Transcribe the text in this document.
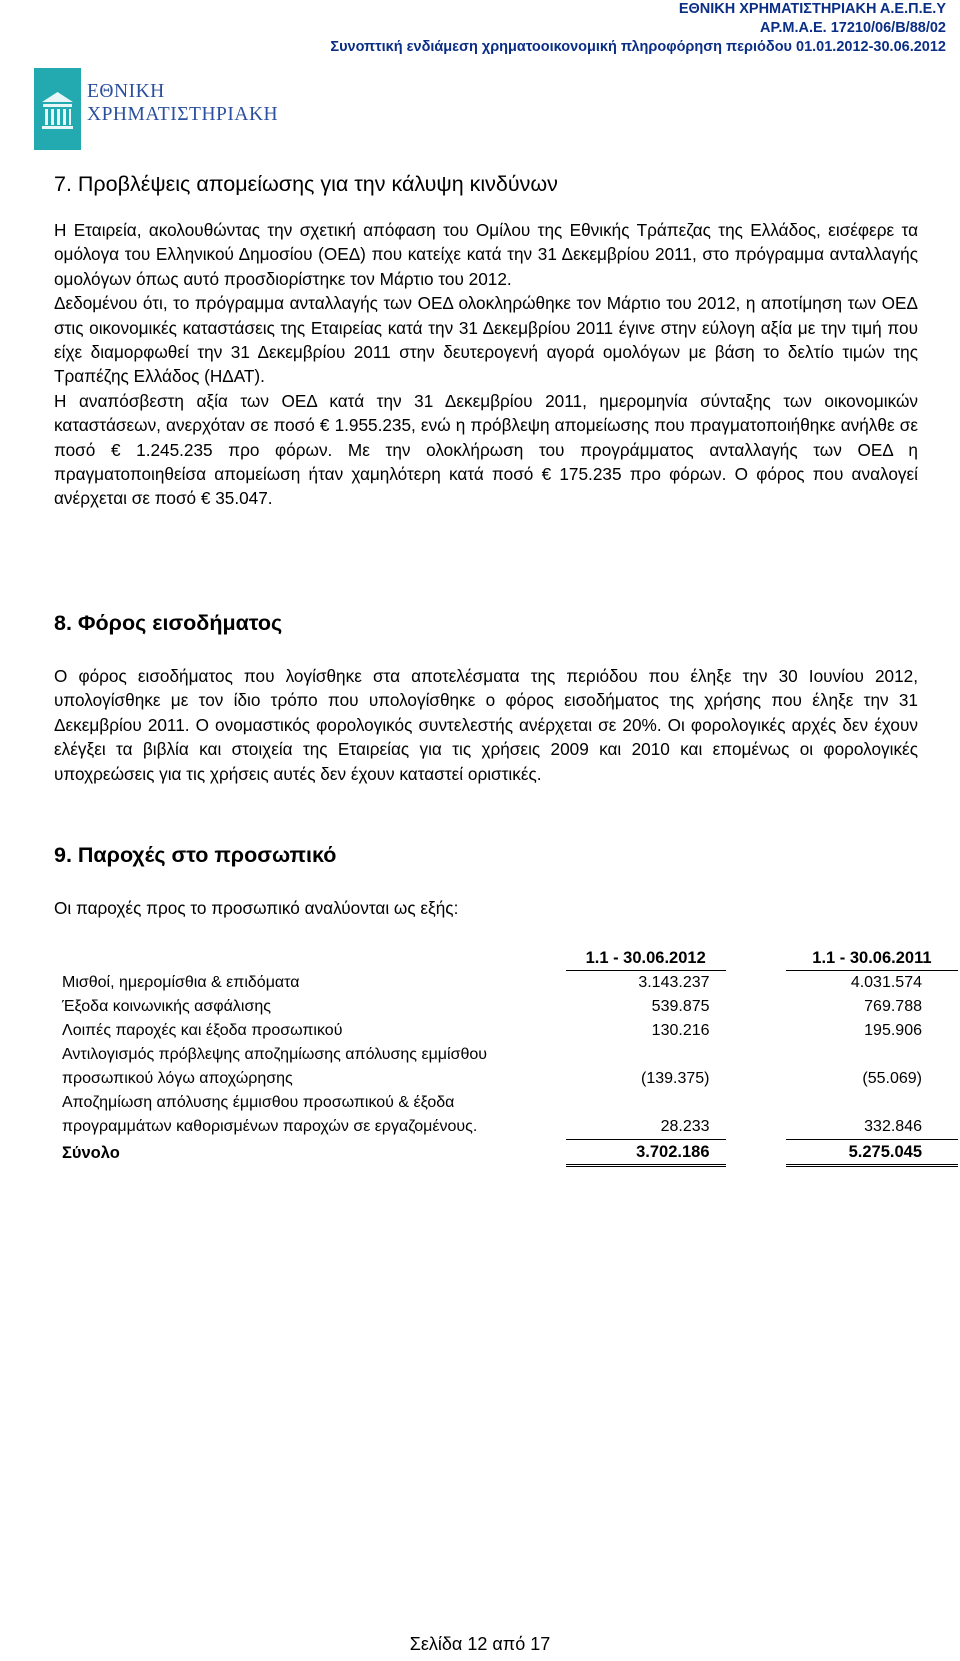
ΕΘΝΙΚΗ ΧΡΗΜΑΤΙΣΤΗΡΙΑΚΗ Α.Ε.Π.Ε.Υ
ΑΡ.Μ.Α.Ε. 17210/06/Β/88/02
Συνοπτική ενδιάμεση χρηματοοικονομική πληροφόρηση περιόδου 01.01.2012-30.06.2012
ΕΘΝΙΚΗ
ΧΡΗΜΑΤΙΣΤΗΡΙΑΚΗ
7. Προβλέψεις απομείωσης για την κάλυψη κινδύνων

Η Εταιρεία, ακολουθώντας την σχετική απόφαση του Ομίλου της Εθνικής Τράπεζας της Ελλάδος, εισέφερε τα ομόλογα του Ελληνικού Δημοσίου (ΟΕΔ) που κατείχε κατά την 31 Δεκεμβρίου 2011, στο πρόγραμμα ανταλλαγής ομολόγων όπως αυτό προσδιορίστηκε τον Μάρτιο του 2012.

Δεδομένου ότι, το πρόγραμμα ανταλλαγής των ΟΕΔ ολοκληρώθηκε τον Μάρτιο του 2012, η αποτίμηση των ΟΕΔ στις οικονομικές καταστάσεις της Εταιρείας κατά την 31 Δεκεμβρίου 2011 έγινε στην εύλογη αξία με την τιμή που είχε διαμορφωθεί την 31 Δεκεμβρίου 2011 στην δευτερογενή αγορά ομολόγων με βάση το δελτίο τιμών της Τραπέζης Ελλάδος (ΗΔΑΤ).

Η αναπόσβεστη αξία των ΟΕΔ κατά την 31 Δεκεμβρίου 2011, ημερομηνία σύνταξης των οικονομικών καταστάσεων, ανερχόταν σε ποσό € 1.955.235, ενώ η πρόβλεψη απομείωσης που πραγματοποιήθηκε ανήλθε σε ποσό € 1.245.235 προ φόρων. Με την ολοκλήρωση του προγράμματος ανταλλαγής των ΟΕΔ η πραγματοποιηθείσα απομείωση ήταν χαμηλότερη κατά ποσό € 175.235 προ φόρων. Ο φόρος που αναλογεί ανέρχεται σε ποσό € 35.047.

8. Φόρος εισοδήματος

Ο φόρος εισοδήματος που λογίσθηκε στα αποτελέσματα της περιόδου που έληξε την 30 Ιουνίου 2012, υπολογίσθηκε με τον ίδιο τρόπο που υπολογίσθηκε ο φόρος εισοδήματος της χρήσης που έληξε την 31 Δεκεμβρίου 2011. Ο ονομαστικός φορολογικός συντελεστής ανέρχεται σε 20%. Οι φορολογικές αρχές δεν έχουν ελέγξει τα βιβλία και στοιχεία της Εταιρείας για τις χρήσεις 2009 και 2010 και επομένως οι φορολογικές υποχρεώσεις για τις χρήσεις αυτές δεν έχουν καταστεί οριστικές.

9. Παροχές στο προσωπικό

Οι παροχές προς το προσωπικό αναλύονται ως εξής:

		1.1 - 30.06.2012		1.1 - 30.06.2011
Μισθοί, ημερομίσθια & επιδόματα		3.143.237		4.031.574
Έξοδα κοινωνικής ασφάλισης		539.875		769.788
Λοιπές παροχές και έξοδα προσωπικού		130.216		195.906

Αντιλογισμός πρόβλεψης αποζημίωσης απόλυσης εμμίσθου
προσωπικού λόγω αποχώρησης		(139.375)		(55.069)

Αποζημίωση απόλυσης έμμισθου προσωπικού & έξοδα
προγραμμάτων καθορισμένων παροχών σε εργαζομένους.		28.233		332.846
Σύνολο		3.702.186		5.275.045
Σελίδα 12 από 17
